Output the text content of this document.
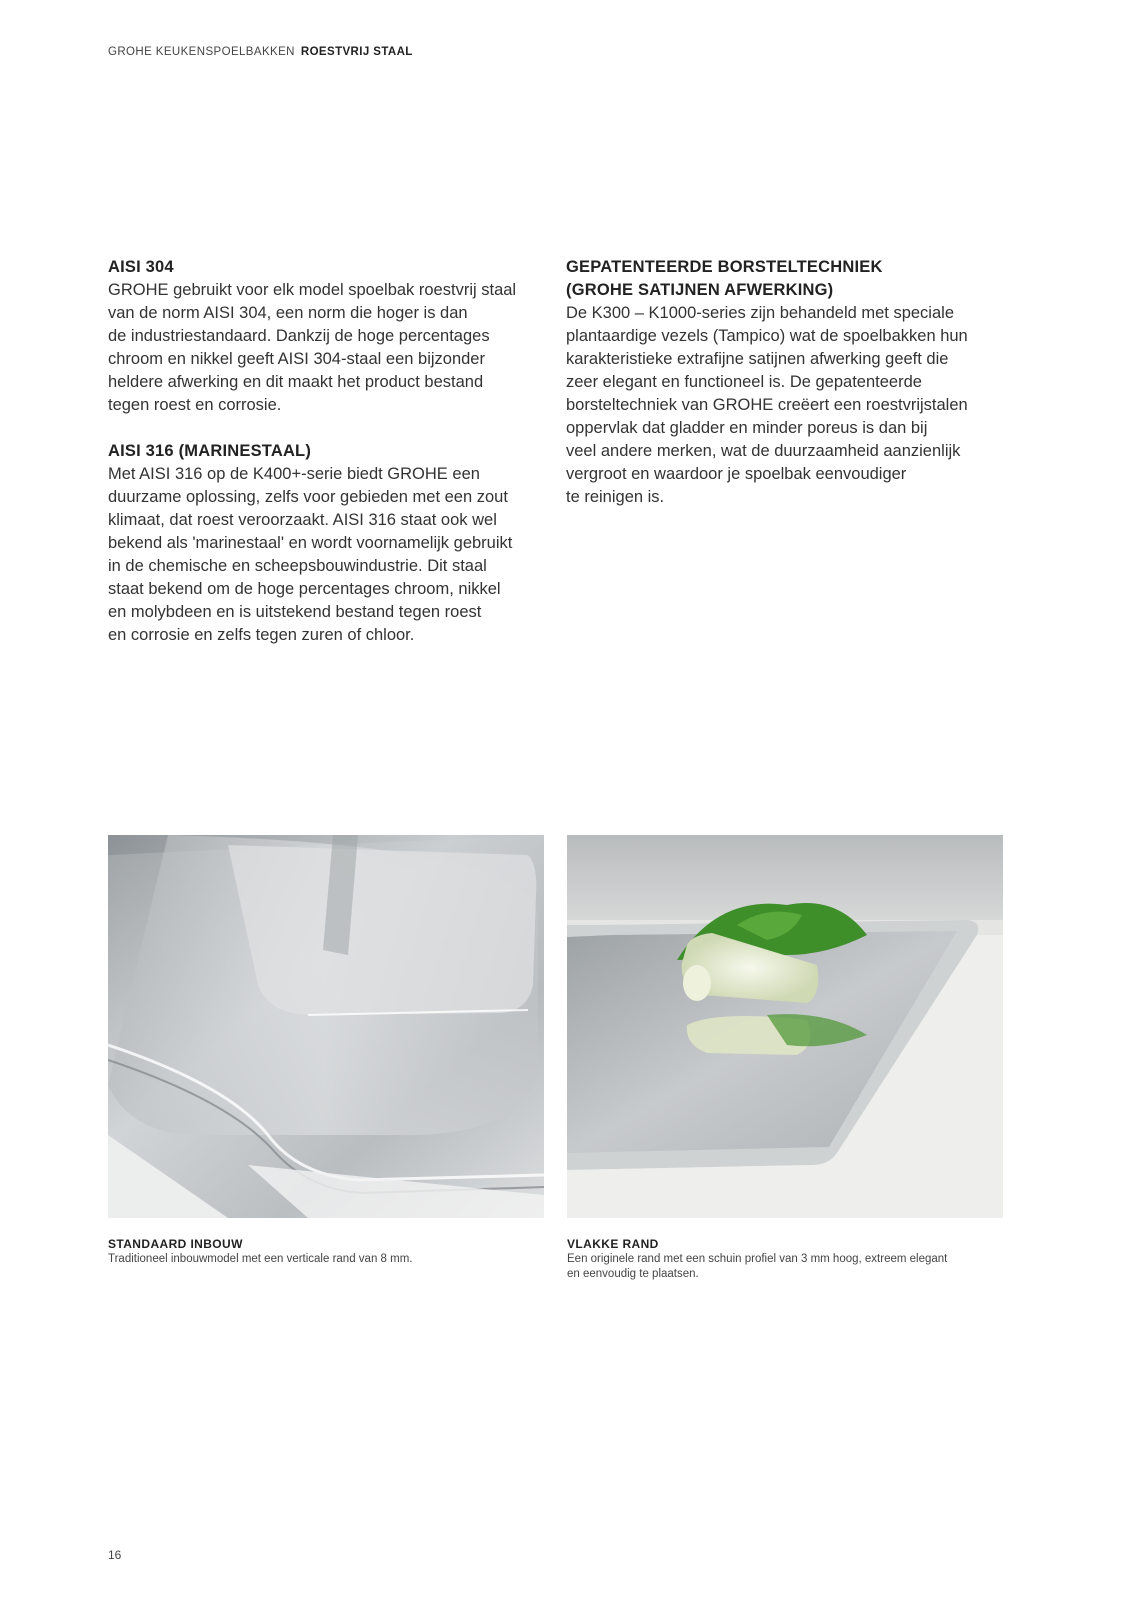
GROHE KEUKENSPOELBAKKEN ROESTVRIJ STAAL
AISI 304
GROHE gebruikt voor elk model spoelbak roestvrij staal
van de norm AISI 304, een norm die hoger is dan
de industriestandaard. Dankzij de hoge percentages
chroom en nikkel geeft AISI 304-staal een bijzonder
heldere afwerking en dit maakt het product bestand
tegen roest en corrosie.
AISI 316 (MARINESTAAL)
Met AISI 316 op de K400+-serie biedt GROHE een
duurzame oplossing, zelfs voor gebieden met een zout
klimaat, dat roest veroorzaakt. AISI 316 staat ook wel
bekend als 'marinestaal' en wordt voornamelijk gebruikt
in de chemische en scheepsbouwindustrie. Dit staal
staat bekend om de hoge percentages chroom, nikkel
en molybdeen en is uitstekend bestand tegen roest
en corrosie en zelfs tegen zuren of chloor.
GEPATENTEERDE BORSTELTECHNIEK
(GROHE SATIJNEN AFWERKING)
De K300 – K1000-series zijn behandeld met speciale
plantaardige vezels (Tampico) wat de spoelbakken hun
karakteristieke extrafijne satijnen afwerking geeft die
zeer elegant en functioneel is. De gepatenteerde
borsteltechniek van GROHE creëert een roestvrijstalen
oppervlak dat gladder en minder poreus is dan bij
veel andere merken, wat de duurzaamheid aanzienlijk
vergroot en waardoor je spoelbak eenvoudiger
te reinigen is.
STANDAARD INBOUW
Traditioneel inbouwmodel met een verticale rand van 8 mm.
VLAKKE RAND
Een originele rand met een schuin profiel van 3 mm hoog, extreem elegant
en eenvoudig te plaatsen.
16
